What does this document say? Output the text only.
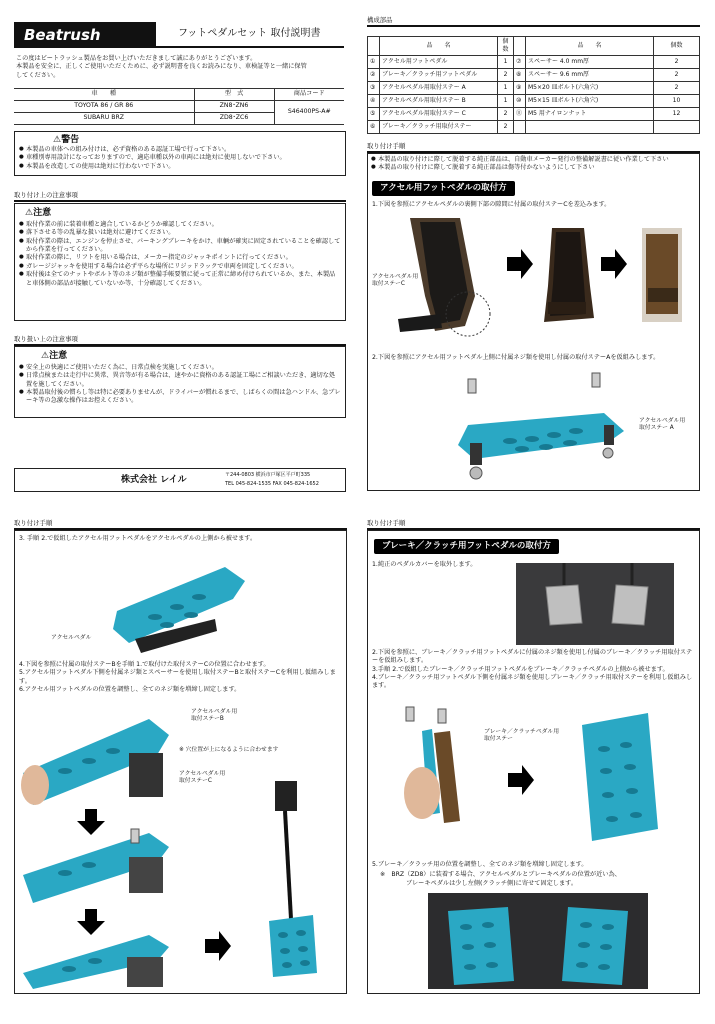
Beatrush	フットペダルセット 取付説明書
この度はビートラッシュ製品をお買い上げいただきまして誠にありがとうございます。
本製品を安全に、正しくご使用いただくために、必ず説明書を良くお読みになり、車検証等と一緒に保管
してください。
車　　種	型　式	商品コード
TOYOTA 86 / GR 86	ZN8･ZN6	S46400PS-A#
SUBARU BRZ	ZD8･ZC6	
⚠警告
● 本製品の車体への組み付けは、必ず資格のある認証工場で行って下さい。
● 車種別専用設計になっておりますので、適応車種以外の車両には絶対に使用しないで下さい。
● 本製品を改造しての使用は絶対に行わないで下さい。
取り付け上の注意事項
⚠注意
● 取付作業の前に装着車種と適合しているかどうか確認してください。
● 落下させる等の乱暴な扱いは絶対に避けてください。
● 取付作業の際は、エンジンを停止させ、パーキングブレーキをかけ、車輌が確実に固定されていることを確認してから作業を行ってください。
● 取付作業の際に、リフトを用いる場合は、メーカー指定のジャッキポイントに行ってください。
● ガレージジャッキを使用する場合は必ず平らな場所にリジッドラックで車両を固定してください。
● 取付後は全てのナットやボルト等のネジ類が整備手帳要領に従って正常に締め付けられているか、また、本製品と車体側の部品が接触していないか等、十分確認してください。
取り扱い上の注意事項
⚠注意
● 安全上の快適にご使用いただく為に、日常点検を実施してください。
● 日常点検または走行中に異常、異音等が有る場合は、速やかに資格のある認証工場にご相談いただき、適切な処置を施してください。
● 本製品取付後の慣らし等は特に必要ありませんが、ドライバーが慣れるまで、しばらくの間は急ハンドル、急ブレーキ等の急激な操作はお控えください。
株式会社 レイル	〒244-0803 横浜市戸塚区平戸町335
TEL 045-824-1535 FAX 045-824-1652
構成部品
	品　　名	個数		品　　名	個数
①	アクセル用フットペダル	1	⑦	スペーサー 4.0 mm厚	2
②	ブレーキ／クラッチ用フットペダル	2	⑧	スペーサー 9.6 mm厚	2
③	アクセルペダル用取付ステー A	1	⑨	M5×20 皿ボルト(六角穴)	2
④	アクセルペダル用取付ステー B	1	⑩	M5×15 皿ボルト(六角穴)	10
⑤	アクセルペダル用取付ステー C	2	⑪	M5 用ナイロンナット	12
⑥	ブレーキ／クラッチ用取付ステー	2			
取り付け手順
● 本製品の取り付けに際して脱着する純正部品は、自動車メーカー発行の整備解説書に従い作業して下さい
● 本製品の取り付けに際して脱着する純正部品は傷等付かないようにして下さい
アクセル用フットペダルの取付方
1.下図を参照にアクセルペダルの裏側下部の隙間に付属の取付ステーCを差込みます。
アクセルペダル用
取付ステーC
2.下図を参照にアクセル用フットペダル上側に付属ネジ類を使用し付属の取付ステーAを仮組みします。
アクセルペダル用
取付ステー A
取り付け手順
3. 手順 2.で仮組したアクセル用フットペダルをアクセルペダルの上側から被せます。
アクセルペダル
4.下図を参照に付属の取付ステーBを手順 1.で取付けた取付ステーCの位置に合わせます。
5.アクセル用フットペダル下側を付属ネジ類とスペーサーを使用し取付ステーBと取付ステーCを利用し仮組みします。
6.アクセル用フットペダルの位置を調整し、全てのネジ類を増締し固定します。
アクセルペダル用
取付ステーB
※ 穴位置が上になるように合わせます
アクセルペダル用
取付ステーC
取り付け手順
ブレーキ／クラッチ用フットペダルの取付方
1.純正のペダルカバーを取外します。
2.下図を参照に、ブレーキ／クラッチ用フットペダルに付属のネジ類を使用し付属のブレーキ／クラッチ用取付ステーを仮組みします。
3.手順 2.で仮組したブレーキ／クラッチ用フットペダルをブレーキ／クラッチペダルの上側から被せます。
4.ブレーキ／クラッチ用フットペダル下側を付属ネジ類を使用しブレーキ／クラッチ用取付ステーを利用し仮組みします。
ブレーキ／クラッチペダル用
取付ステー
5.ブレーキ／クラッチ用の位置を調整し、全てのネジ類を増締し固定します。
※　BRZ（ZD8）に装着する場合、アクセルペダルとブレーキペダルの位置が近い為、
ブレーキペダルは少し左側(クラッチ側)に寄せて固定します。
